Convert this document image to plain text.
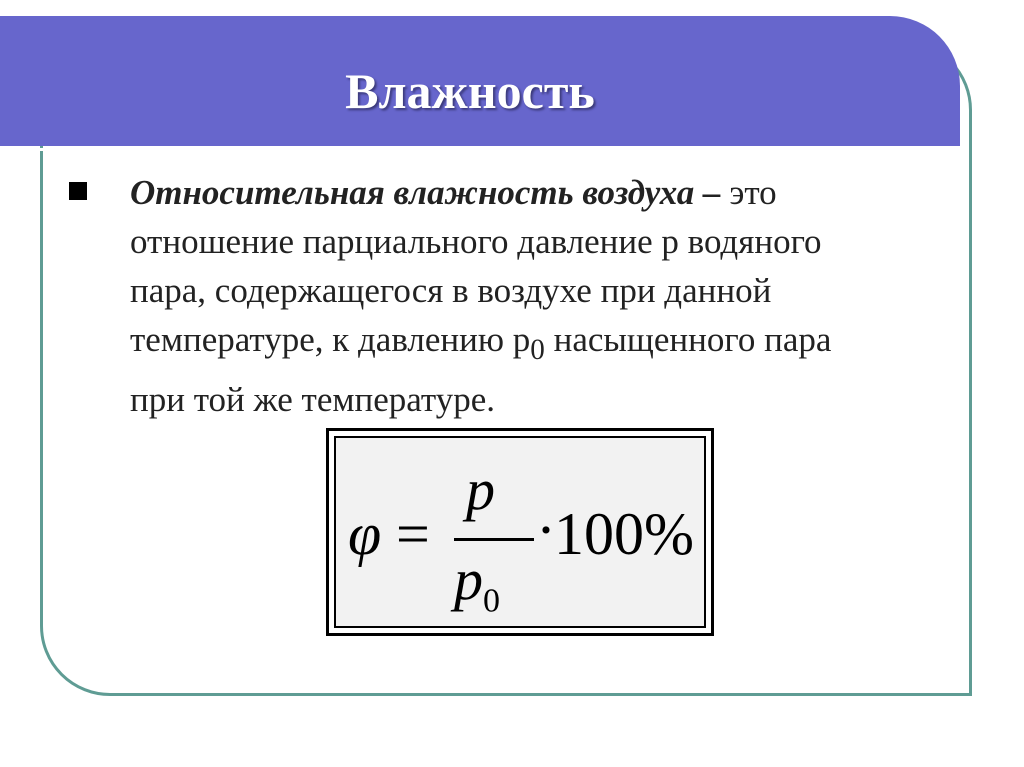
Влажность
Относительная влажность воздуха – это
отношение парциального давление p водяного
пара, содержащегося в воздухе при данной
температуре, к давлению $p_0$ насыщенного пара
при той же температуре.
φ =
p
$p_0$
·
100%
